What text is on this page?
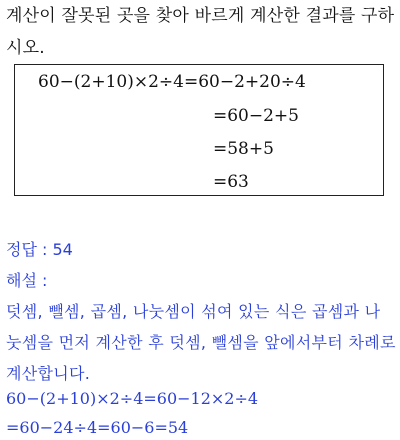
계산이 잘못된 곳을 찾아 바르게 계산한 결과를 구하시오.
60−(2+10)×2÷4=60−2+20÷4
=60−2+5
=58+5
=63
정답 : 54
해설 :
덧셈, 뺄셈, 곱셈, 나눗셈이 섞여 있는 식은 곱셈과 나눗셈을 먼저 계산한 후 덧셈, 뺄셈을 앞에서부터 차례로 계산합니다.
60−(2+10)×2÷4=60−12×2÷4
=60−24÷4=60−6=54
